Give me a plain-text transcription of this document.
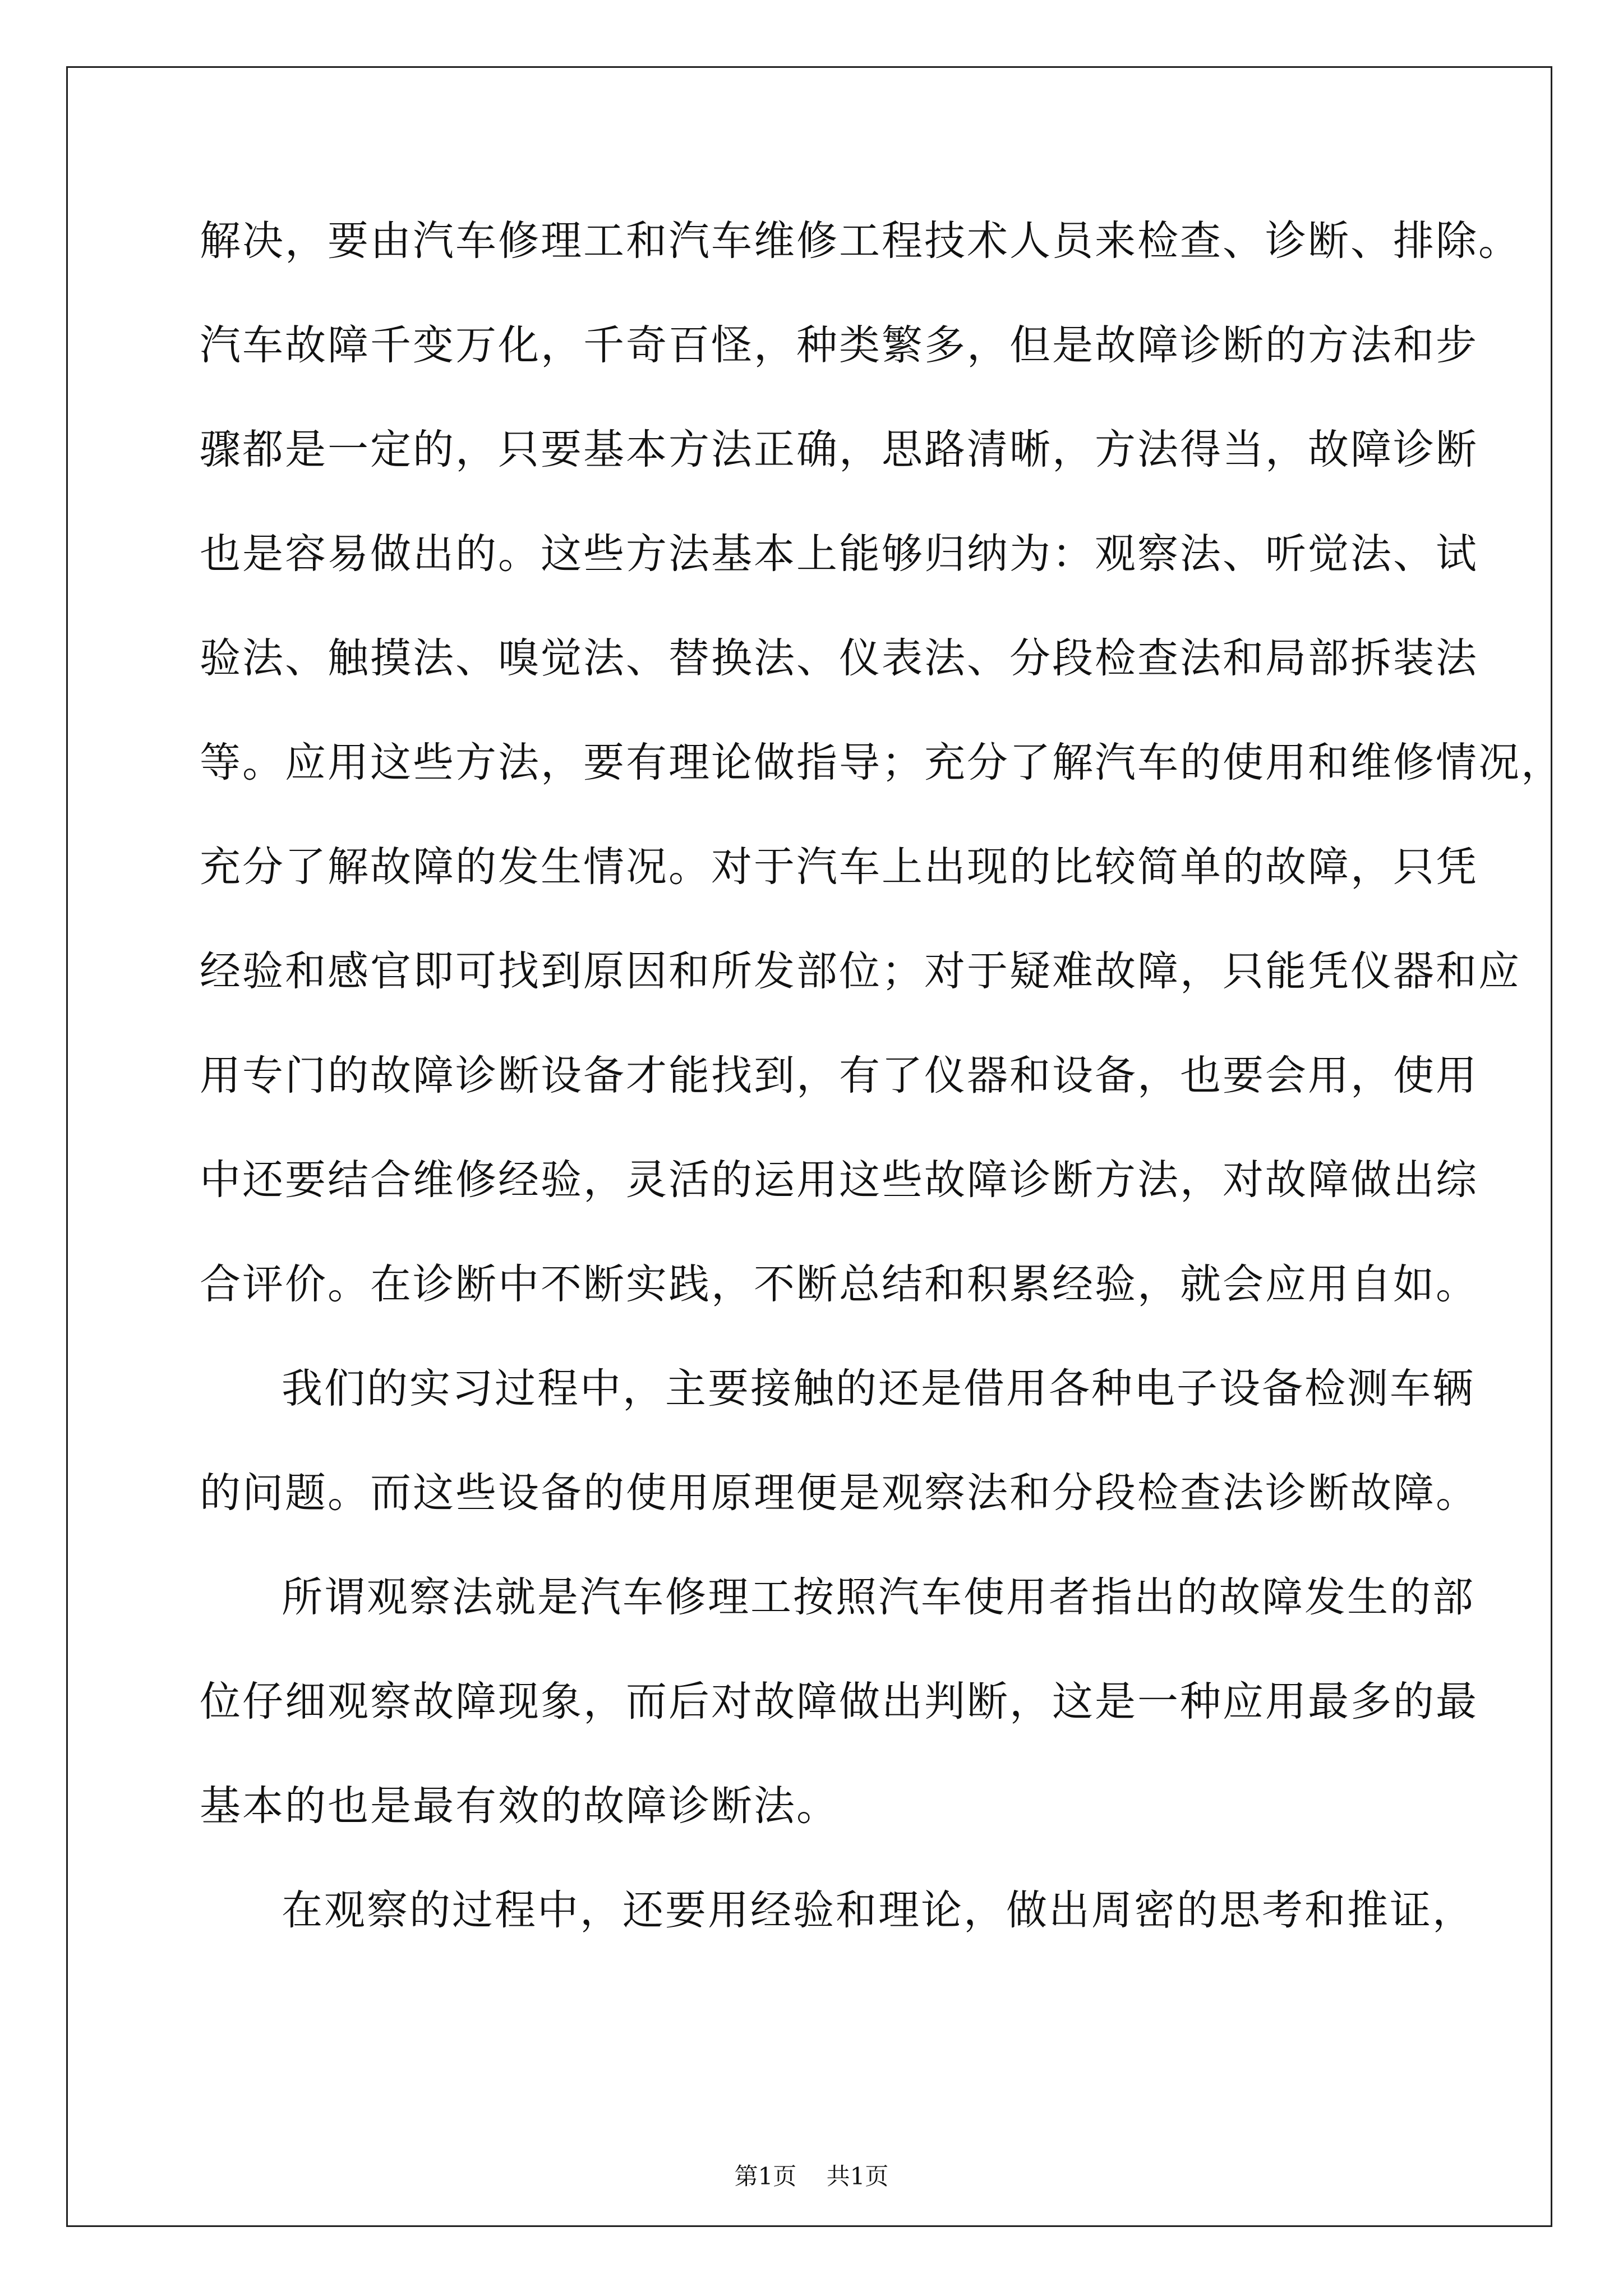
解决，要由汽车修理工和汽车维修工程技术人员来检查、诊断、排除。
汽车故障千变万化，千奇百怪，种类繁多，但是故障诊断的方法和步
骤都是一定的，只要基本方法正确，思路清晰，方法得当，故障诊断
也是容易做出的。这些方法基本上能够归纳为：观察法、听觉法、试
验法、触摸法、嗅觉法、替换法、仪表法、分段检查法和局部拆装法
等。应用这些方法，要有理论做指导；充分了解汽车的使用和维修情况，
充分了解故障的发生情况。对于汽车上出现的比较简单的故障，只凭
经验和感官即可找到原因和所发部位；对于疑难故障，只能凭仪器和应
用专门的故障诊断设备才能找到，有了仪器和设备，也要会用，使用
中还要结合维修经验，灵活的运用这些故障诊断方法，对故障做出综
合评价。在诊断中不断实践，不断总结和积累经验，就会应用自如。
我们的实习过程中，主要接触的还是借用各种电子设备检测车辆
的问题。而这些设备的使用原理便是观察法和分段检查法诊断故障。
所谓观察法就是汽车修理工按照汽车使用者指出的故障发生的部
位仔细观察故障现象，而后对故障做出判断，这是一种应用最多的最
基本的也是最有效的故障诊断法。
在观察的过程中，还要用经验和理论，做出周密的思考和推证，
第1页 共1页
